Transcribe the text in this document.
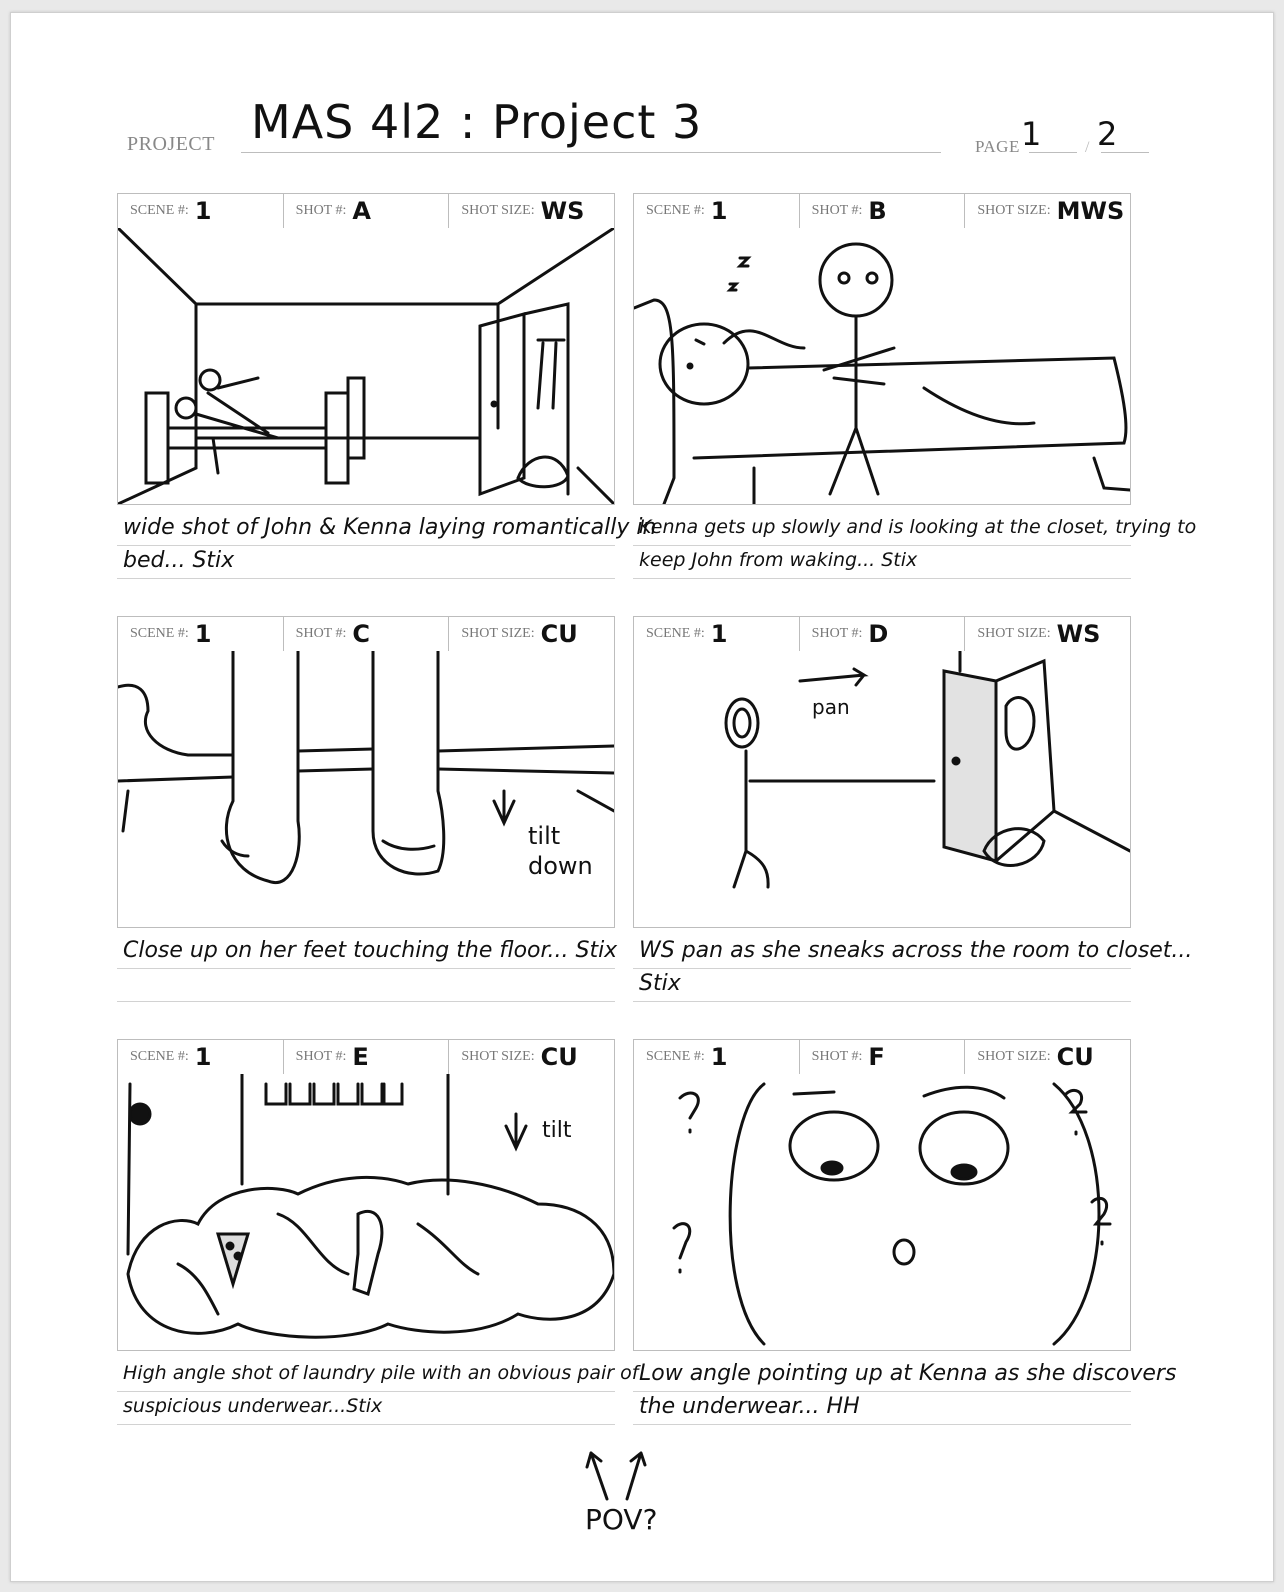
PROJECT MAS 4l2 : Project 3	PAGE	/
1 2
SCENE #: 1	SHOT #: A	SHOT SIZE: WS
wide shot of John & Kenna laying romantically in bed... Stix
SCENE #: 1	SHOT #: B	SHOT SIZE: MWS
Kenna gets up slowly and is looking at the closet, trying to keep John from waking... Stix
SCENE #: 1	SHOT #: C	SHOT SIZE: CU
tilt down
Close up on her feet touching the floor... Stix
SCENE #: 1	SHOT #: D	SHOT SIZE: WS
pan
WS pan as she sneaks across the room to closet... Stix
SCENE #: 1	SHOT #: E	SHOT SIZE: CU
tilt
High angle shot of laundry pile with an obvious pair of suspicious underwear...Stix
SCENE #: 1	SHOT #: F	SHOT SIZE: CU
Low angle pointing up at Kenna as she discovers the underwear... HH
POV?
